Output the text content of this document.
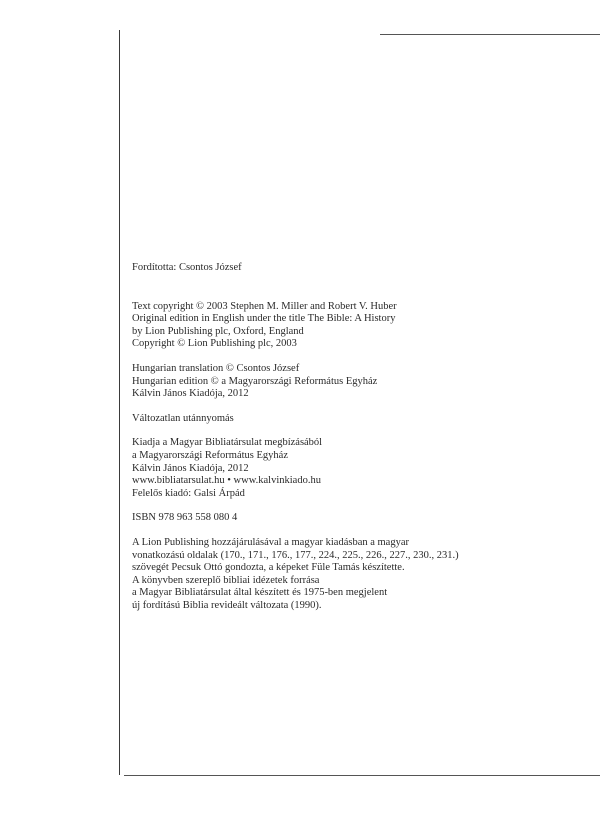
Fordította: Csontos József
Text copyright © 2003 Stephen M. Miller and Robert V. Huber
Original edition in English under the title The Bible: A History
by Lion Publishing plc, Oxford, England
Copyright © Lion Publishing plc, 2003
Hungarian translation © Csontos József
Hungarian edition © a Magyarországi Református Egyház
Kálvin János Kiadója, 2012
Változatlan utánnyomás
Kiadja a Magyar Bibliatársulat megbízásából
a Magyarországi Református Egyház
Kálvin János Kiadója, 2012
www.bibliatarsulat.hu • www.kalvinkiado.hu
Felelős kiadó: Galsi Árpád
ISBN 978 963 558 080 4
A Lion Publishing hozzájárulásával a magyar kiadásban a magyar
vonatkozású oldalak (170., 171., 176., 177., 224., 225., 226., 227., 230., 231.)
szövegét Pecsuk Ottó gondozta, a képeket Füle Tamás készítette.
A könyvben szereplő bibliai idézetek forrása
a Magyar Bibliatársulat által készített és 1975-ben megjelent
új fordítású Biblia revideált változata (1990).
